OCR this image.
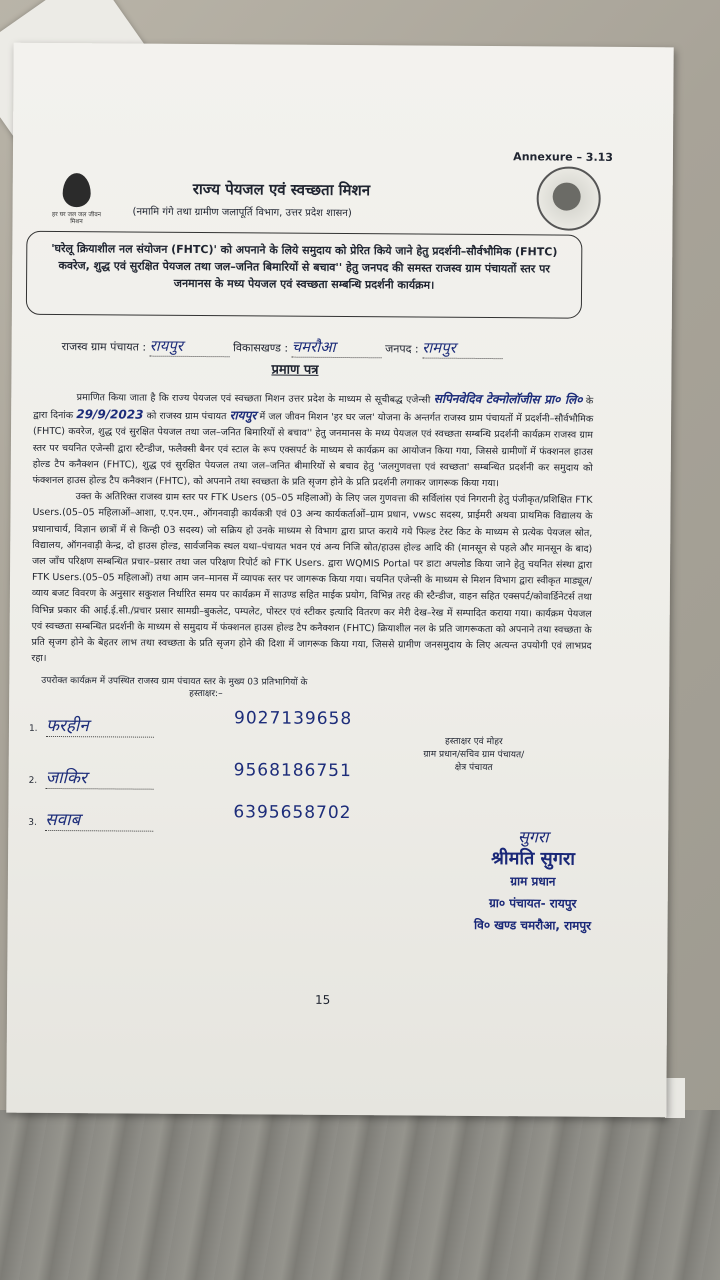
Annexure – 3.13
हर घर जल जल जीवन मिशन
राज्य पेयजल एवं स्वच्छता मिशन
(नमामि गंगे तथा ग्रामीण जलापूर्ति विभाग, उत्तर प्रदेश शासन)
'घरेलू क्रियाशील नल संयोजन (FHTC)' को अपनाने के लिये समुदाय को प्रेरित किये जाने हेतु प्रदर्शनी–सौर्वभौमिक (FHTC) कवरेज, शुद्ध एवं सुरक्षित पेयजल तथा जल–जनित बिमारियों से बचाव'' हेतु जनपद की समस्त राजस्व ग्राम पंचायतों स्तर पर जनमानस के मध्य पेयजल एवं स्वच्छता सम्बन्धि प्रदर्शनी कार्यक्रम।
राजस्व ग्राम पंचायत : रायपुर	विकासखण्ड : चमरौआ	जनपद : रामपुर
प्रमाण पत्र
प्रमाणित किया जाता है कि राज्य पेयजल एवं स्वच्छता मिशन उत्तर प्रदेश के माध्यम से सूचीबद्ध एजेन्सी सपिनवेदिव टेक्नोलॉजीस प्रा० लि० के द्वारा दिनांक 29/9/2023 को राजस्व ग्राम पंचायत रायपुर में जल जीवन मिशन 'हर घर जल' योजना के अन्तर्गत राजस्व ग्राम पंचायतों में प्रदर्शनी–सौर्वभौमिक (FHTC) कवरेज, शुद्ध एवं सुरक्षित पेयजल तथा जल–जनित बिमारियों से बचाव'' हेतु जनमानस के मध्य पेयजल एवं स्वच्छता सम्बन्धि प्रदर्शनी कार्यक्रम राजस्व ग्राम स्तर पर चयनित एजेन्सी द्वारा स्टैन्डीज, फलैक्सी बैनर एवं स्टाल के रूप एक्सपर्ट के माध्यम से कार्यक्रम का आयोजन किया गया, जिससे ग्रामीणों में फंक्शनल हाउस होल्ड टैप कनैक्शन (FHTC), शुद्ध एवं सुरक्षित पेयजल तथा जल–जनित बीमारियों से बचाव हेतु 'जलगुणवत्ता एवं स्वच्छता' सम्बन्धित प्रदर्शनी कर समुदाय को फंक्शनल हाउस होल्ड टैप कनैक्शन (FHTC), को अपनाने तथा स्वच्छता के प्रति सृजग होने के प्रति प्रदर्शनी लगाकर जागरूक किया गया।
उक्त के अतिरिक्त राजस्व ग्राम स्तर पर FTK Users (05–05 महिलाओं) के लिए जल गुणवत्ता की सर्विलांस एवं निगरानी हेतु पंजीकृत/प्रशिक्षित FTK Users.(05–05 महिलाओं–आशा, ए.एन.एम., ऑगनवाड़ी कार्यकत्री एवं 03 अन्य कार्यकर्ताओं–ग्राम प्रधान, vwsc सदस्य, प्राईमरी अथवा प्राथमिक विद्यालय के प्रधानाचार्य, विज्ञान छात्रों में से किन्ही 03 सदस्य) जो सक्रिय हो उनके माध्यम से विभाग द्वारा प्राप्त कराये गये फिल्ड टेस्ट किट के माध्यम से प्रत्येक पेयजल स्रोत, विद्यालय, ऑगनवाड़ी केन्द्र, दो हाउस होल्ड, सार्वजनिक स्थल यथा–पंचायत भवन एवं अन्य निजि स्रोत/हाउस होल्ड आदि की (मानसून से पहले और मानसून के बाद) जल जाँच परिक्षण सम्बन्धित प्रचार–प्रसार तथा जल परिक्षण रिपोर्ट को FTK Users. द्वारा WQMIS Portal पर डाटा अपलोड किया जाने हेतु चयनित संस्था द्वारा FTK Users.(05–05 महिलाओं) तथा आम जन–मानस में व्यापक स्तर पर जागरूक किया गया। चयनित एजेन्सी के माध्यम से मिशन विभाग द्वारा स्वीकृत माड्यूल/व्याय बजट विवरण के अनुसार सकुशल निर्धारित समय पर कार्यक्रम में साउण्ड सहित माईक प्रयोग, विभिन्न तरह की स्टैन्डीज, वाहन सहित एक्सपर्ट/कोवार्डिनेटर्स तथा विभिन्न प्रकार की आई.ई.सी./प्रचार प्रसार सामग्री–बुकलेट, पम्पलेट, पोस्टर एवं स्टीकर इत्यादि वितरण कर मेरी देख–रेख में सम्पादित कराया गया। कार्यक्रम पेयजल एवं स्वच्छता सम्बन्धित प्रदर्शनी के माध्यम से समुदाय में फंक्शनल हाउस होल्ड टैप कनैक्शन (FHTC) क्रियाशील नल के प्रति जागरूकता को अपनाने तथा स्वच्छता के प्रति सृजग होने के बेहतर लाभ तथा स्वच्छता के प्रति सृजग होने की दिशा में जागरूक किया गया, जिससे ग्रामीण जनसमुदाय के लिए अत्यन्त उपयोगी एवं लाभप्रद रहा।
उपरोक्त कार्यक्रम में उपस्थित राजस्व ग्राम पंचायत स्तर के मुख्य 03 प्रतिभागियों के
हस्ताक्षर:–
1. फरहीन	9027139658
2. जाकिर	9568186751
3. सवाब	6395658702
हस्ताक्षर एवं मोहर
ग्राम प्रधान/सचिव ग्राम पंचायत/
क्षेत्र पंचायत
सुगरा
श्रीमति सुगरा
ग्राम प्रधान
ग्रा० पंचायत- रायपुर
वि० खण्ड चमरौआ, रामपुर
15
